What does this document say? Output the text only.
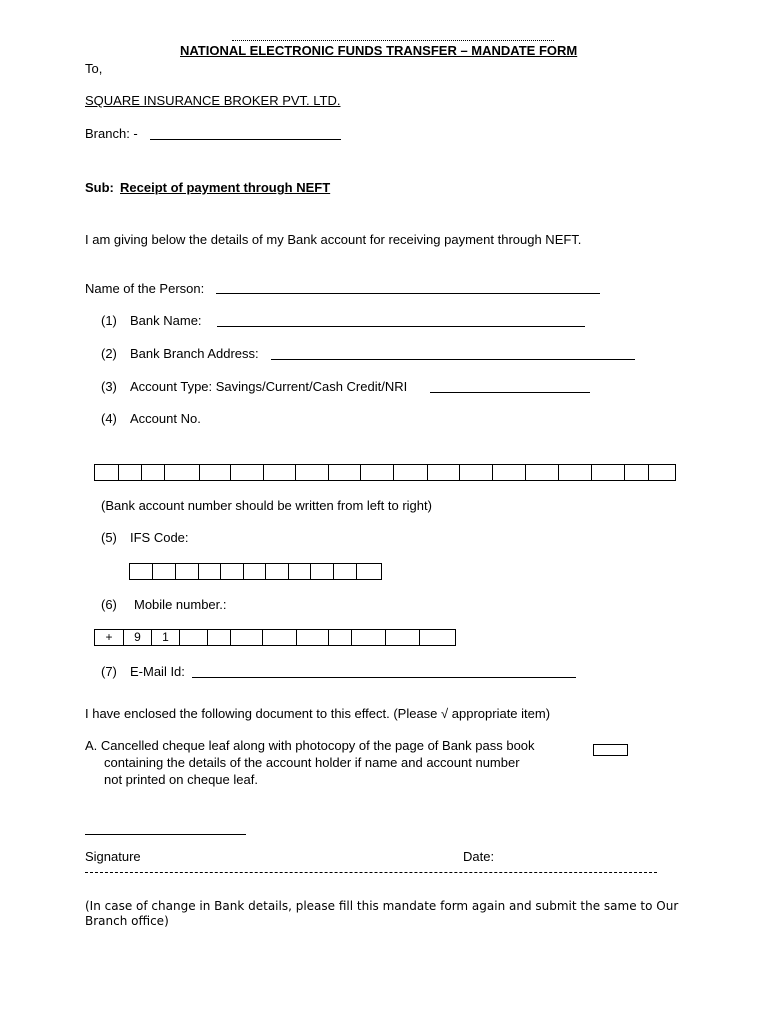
NATIONAL ELECTRONIC FUNDS TRANSFER – MANDATE FORM
To,
SQUARE INSURANCE BROKER PVT. LTD.
Branch: -
Sub: Receipt of payment through NEFT
I am giving below the details of my Bank account for receiving payment through NEFT.
Name of the Person:
(1) Bank Name:
(2) Bank Branch Address:
(3) Account Type: Savings/Current/Cash Credit/NRI
(4) Account No.
(Bank account number should be written from left to right)
(5) IFS Code:
(6) Mobile number.:
+	9	1
(7) E-Mail Id:
I have enclosed the following document to this effect. (Please √ appropriate item)
A. Cancelled cheque leaf along with photocopy of the page of Bank pass book
containing the details of the account holder if name and account number
not printed on cheque leaf.
Signature	Date:
(In case of change in Bank details, please fill this mandate form again and submit the same to Our Branch office)
